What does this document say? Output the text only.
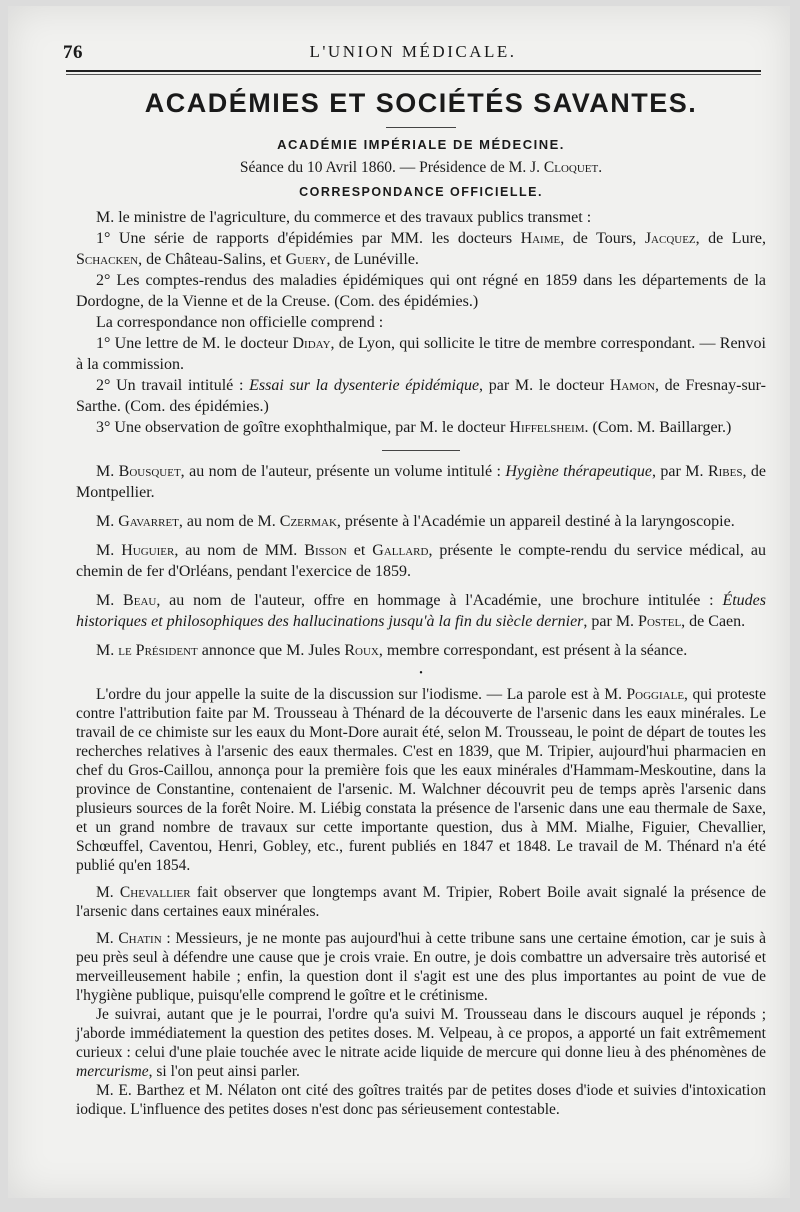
76	L'UNION MÉDICALE.
ACADÉMIES ET SOCIÉTÉS SAVANTES.
ACADÉMIE IMPÉRIALE DE MÉDECINE.
Séance du 10 Avril 1860. — Présidence de M. J. Cloquet.
CORRESPONDANCE OFFICIELLE.

M. le ministre de l'agriculture, du commerce et des travaux publics transmet :

1° Une série de rapports d'épidémies par MM. les docteurs Haime, de Tours, Jacquez, de Lure, Schacken, de Château-Salins, et Guery, de Lunéville.

2° Les comptes-rendus des maladies épidémiques qui ont régné en 1859 dans les départements de la Dordogne, de la Vienne et de la Creuse. (Com. des épidémies.)

La correspondance non officielle comprend :

1° Une lettre de M. le docteur Diday, de Lyon, qui sollicite le titre de membre correspondant. — Renvoi à la commission.

2° Un travail intitulé : Essai sur la dysenterie épidémique, par M. le docteur Hamon, de Fresnay-sur-Sarthe. (Com. des épidémies.)

3° Une observation de goître exophthalmique, par M. le docteur Hiffelsheim. (Com. M. Baillarger.)

M. Bousquet, au nom de l'auteur, présente un volume intitulé : Hygiène thérapeutique, par M. Ribes, de Montpellier.

M. Gavarret, au nom de M. Czermak, présente à l'Académie un appareil destiné à la laryngoscopie.

M. Huguier, au nom de MM. Bisson et Gallard, présente le compte-rendu du service médical, au chemin de fer d'Orléans, pendant l'exercice de 1859.

M. Beau, au nom de l'auteur, offre en hommage à l'Académie, une brochure intitulée : Études historiques et philosophiques des hallucinations jusqu'à la fin du siècle dernier, par M. Postel, de Caen.

M. le Président annonce que M. Jules Roux, membre correspondant, est présent à la séance.

•

L'ordre du jour appelle la suite de la discussion sur l'iodisme. — La parole est à M. Poggiale, qui proteste contre l'attribution faite par M. Trousseau à Thénard de la découverte de l'arsenic dans les eaux minérales. Le travail de ce chimiste sur les eaux du Mont-Dore aurait été, selon M. Trousseau, le point de départ de toutes les recherches relatives à l'arsenic des eaux thermales. C'est en 1839, que M. Tripier, aujourd'hui pharmacien en chef du Gros-Caillou, annonça pour la première fois que les eaux minérales d'Hammam-Meskoutine, dans la province de Constantine, contenaient de l'arsenic. M. Walchner découvrit peu de temps après l'arsenic dans plusieurs sources de la forêt Noire. M. Liébig constata la présence de l'arsenic dans une eau thermale de Saxe, et un grand nombre de travaux sur cette importante question, dus à MM. Mialhe, Figuier, Chevallier, Schœuffel, Caventou, Henri, Gobley, etc., furent publiés en 1847 et 1848. Le travail de M. Thénard n'a été publié qu'en 1854.

M. Chevallier fait observer que longtemps avant M. Tripier, Robert Boile avait signalé la présence de l'arsenic dans certaines eaux minérales.

M. Chatin : Messieurs, je ne monte pas aujourd'hui à cette tribune sans une certaine émotion, car je suis à peu près seul à défendre une cause que je crois vraie. En outre, je dois combattre un adversaire très autorisé et merveilleusement habile ; enfin, la question dont il s'agit est une des plus importantes au point de vue de l'hygiène publique, puisqu'elle comprend le goître et le crétinisme.

Je suivrai, autant que je le pourrai, l'ordre qu'a suivi M. Trousseau dans le discours auquel je réponds ; j'aborde immédiatement la question des petites doses. M. Velpeau, à ce propos, a apporté un fait extrêmement curieux : celui d'une plaie touchée avec le nitrate acide liquide de mercure qui donne lieu à des phénomènes de mercurisme, si l'on peut ainsi parler.

M. E. Barthez et M. Nélaton ont cité des goîtres traités par de petites doses d'iode et suivies d'intoxication iodique. L'influence des petites doses n'est donc pas sérieusement contestable.
